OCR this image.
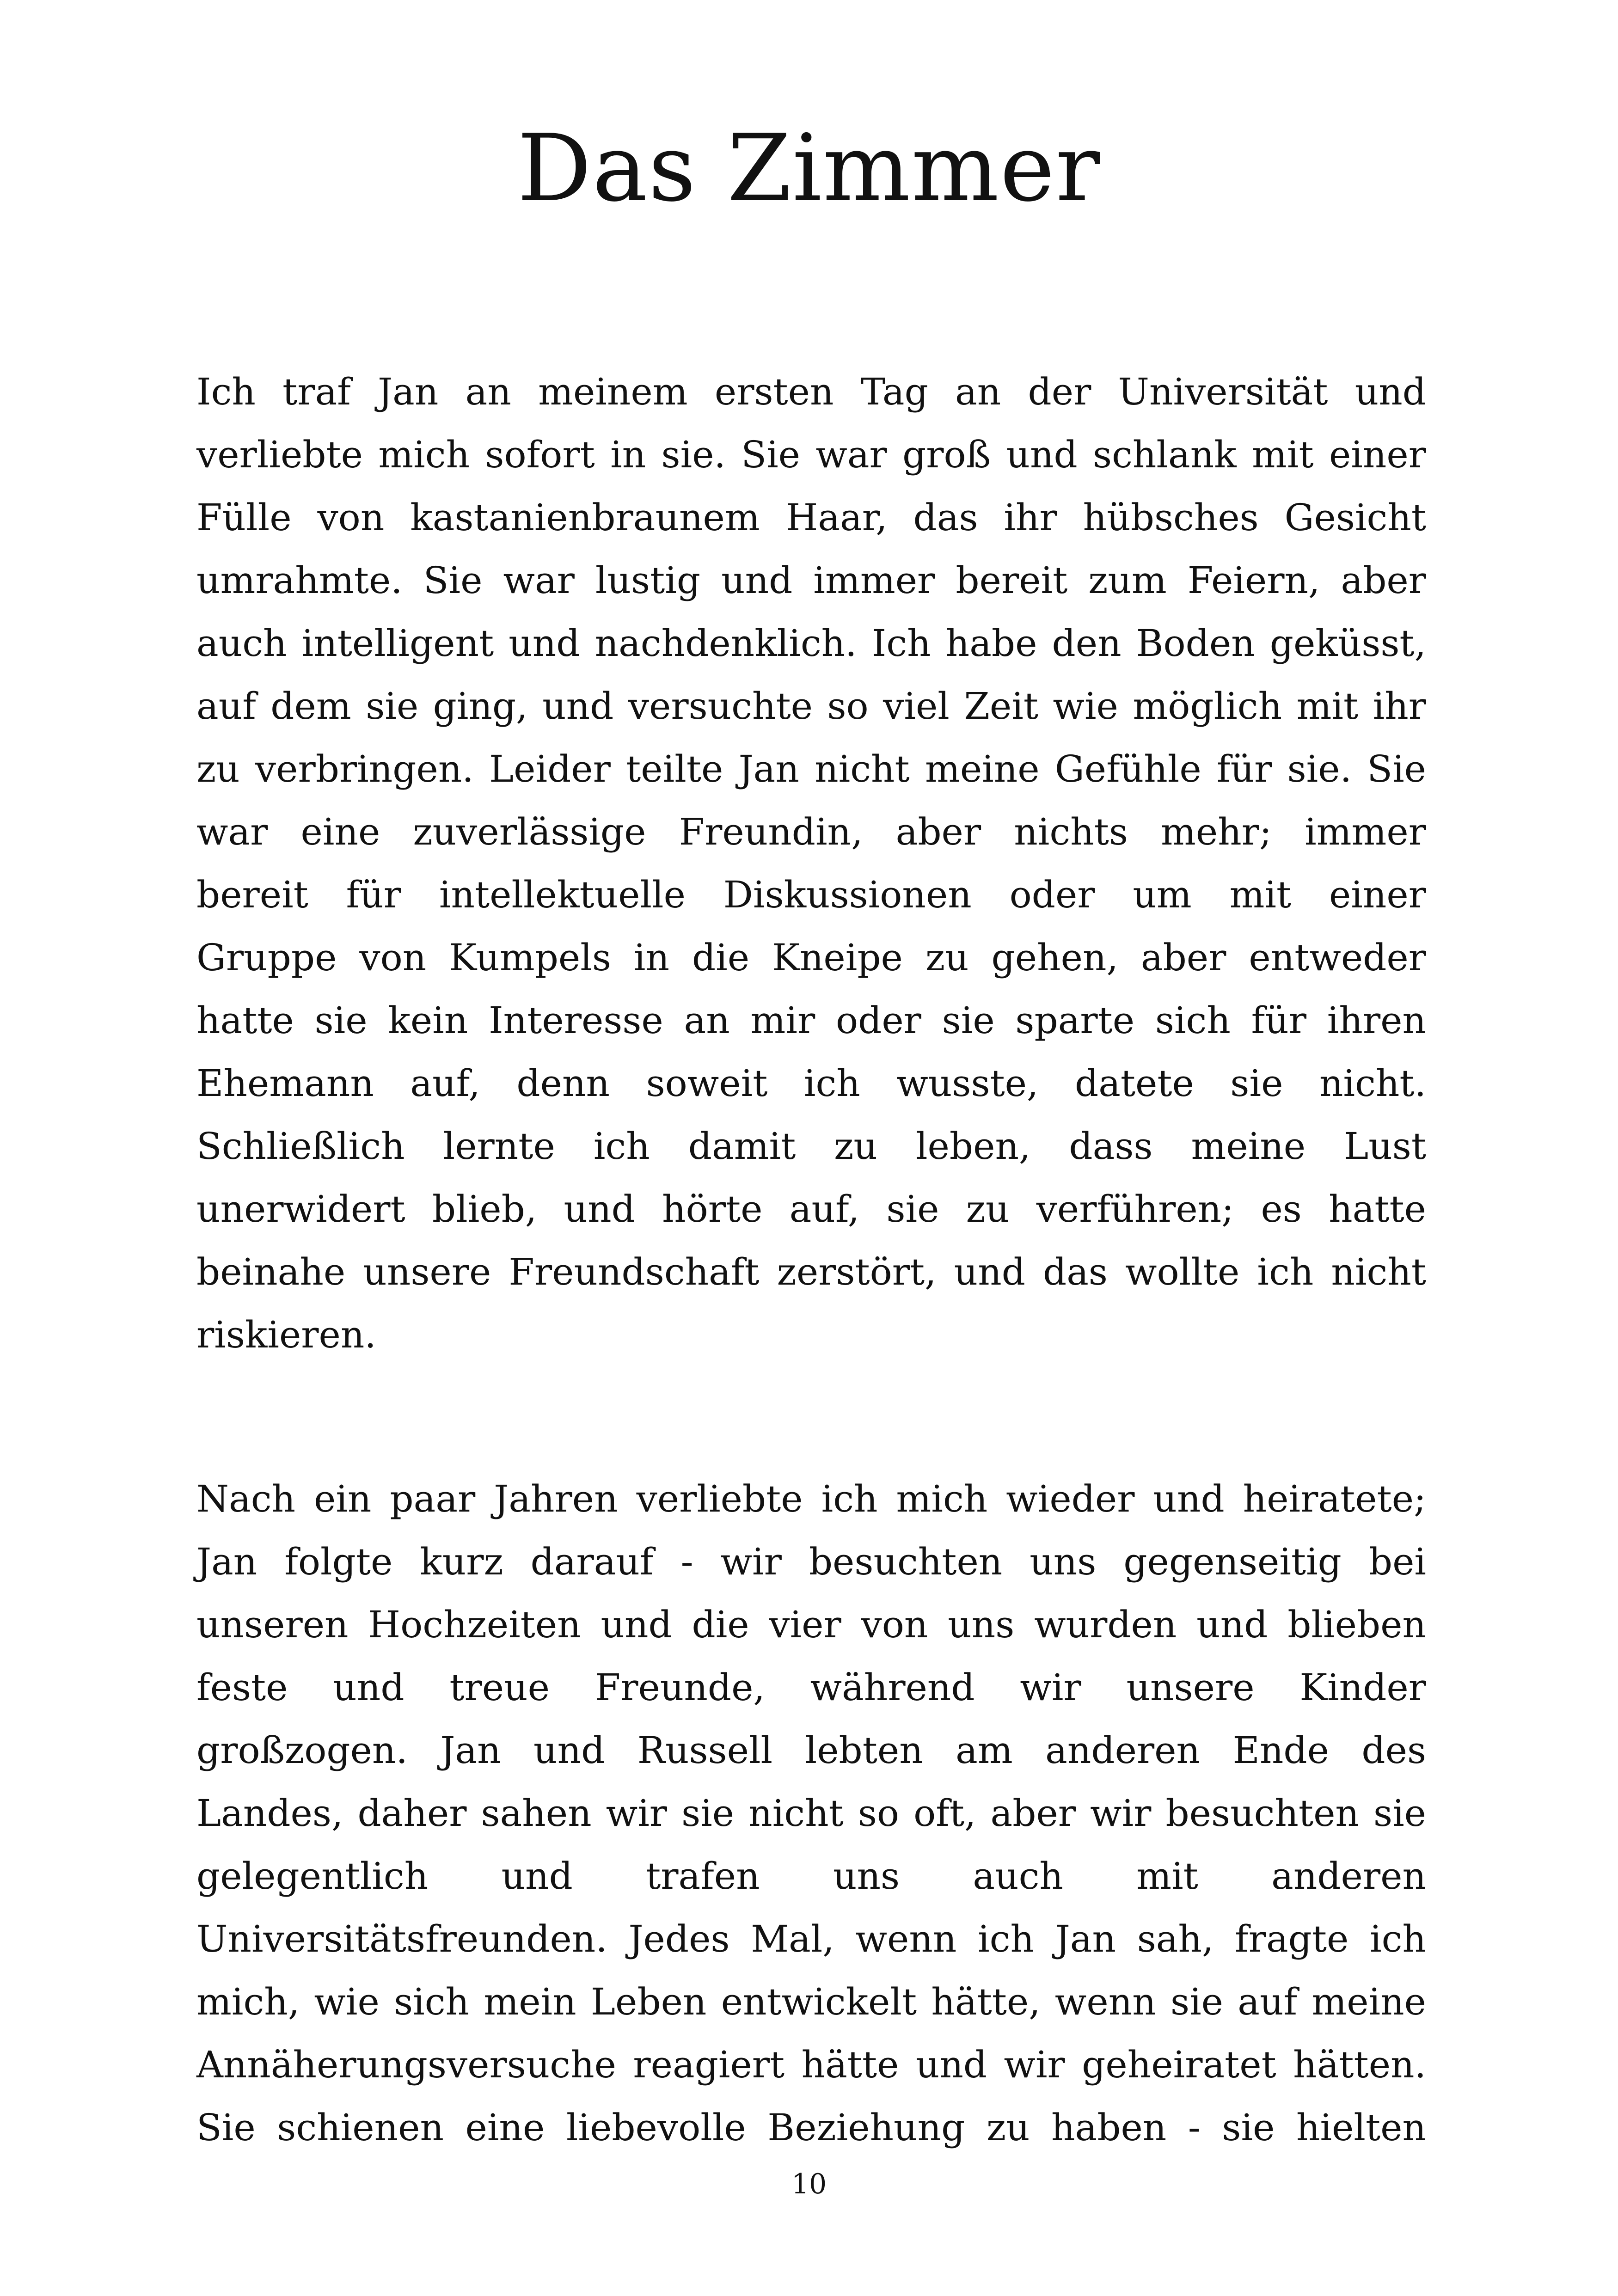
Das Zimmer
Ich traf Jan an meinem ersten Tag an der Universität und
verliebte mich sofort in sie. Sie war groß und schlank mit einer
Fülle von kastanienbraunem Haar, das ihr hübsches Gesicht
umrahmte. Sie war lustig und immer bereit zum Feiern, aber
auch intelligent und nachdenklich. Ich habe den Boden geküsst,
auf dem sie ging, und versuchte so viel Zeit wie möglich mit ihr
zu verbringen. Leider teilte Jan nicht meine Gefühle für sie. Sie
war eine zuverlässige Freundin, aber nichts mehr; immer
bereit für intellektuelle Diskussionen oder um mit einer
Gruppe von Kumpels in die Kneipe zu gehen, aber entweder
hatte sie kein Interesse an mir oder sie sparte sich für ihren
Ehemann auf, denn soweit ich wusste, datete sie nicht.
Schließlich lernte ich damit zu leben, dass meine Lust
unerwidert blieb, und hörte auf, sie zu verführen; es hatte
beinahe unsere Freundschaft zerstört, und das wollte ich nicht
riskieren.
Nach ein paar Jahren verliebte ich mich wieder und heiratete;
Jan folgte kurz darauf - wir besuchten uns gegenseitig bei
unseren Hochzeiten und die vier von uns wurden und blieben
feste und treue Freunde, während wir unsere Kinder
großzogen. Jan und Russell lebten am anderen Ende des
Landes, daher sahen wir sie nicht so oft, aber wir besuchten sie
gelegentlich und trafen uns auch mit anderen
Universitätsfreunden. Jedes Mal, wenn ich Jan sah, fragte ich
mich, wie sich mein Leben entwickelt hätte, wenn sie auf meine
Annäherungsversuche reagiert hätte und wir geheiratet hätten.
Sie schienen eine liebevolle Beziehung zu haben - sie hielten
10
